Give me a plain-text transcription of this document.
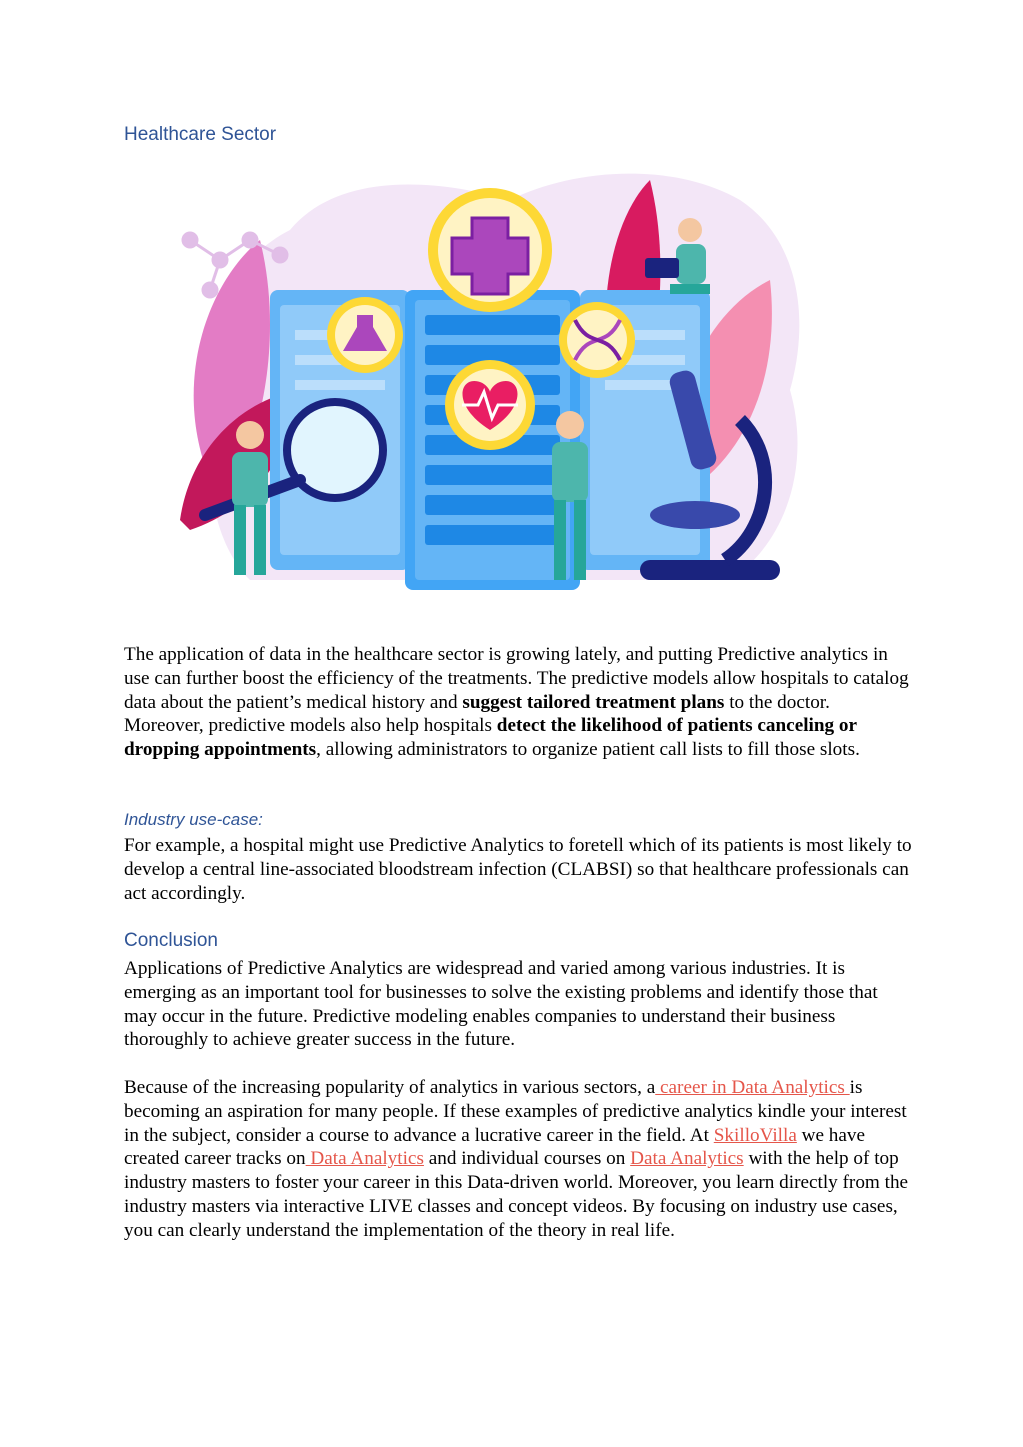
Healthcare Sector

The application of data in the healthcare sector is growing lately, and putting Predictive analytics in use can further boost the efficiency of the treatments. The predictive models allow hospitals to catalog data about the patient’s medical history and suggest tailored treatment plans to the doctor. Moreover, predictive models also help hospitals detect the likelihood of patients canceling or dropping appointments, allowing administrators to organize patient call lists to fill those slots.

Industry use-case:

For example, a hospital might use Predictive Analytics to foretell which of its patients is most likely to develop a central line-associated bloodstream infection (CLABSI) so that healthcare professionals can act accordingly.

Conclusion

Applications of Predictive Analytics are widespread and varied among various industries. It is emerging as an important tool for businesses to solve the existing problems and identify those that may occur in the future. Predictive modeling enables companies to understand their business thoroughly to achieve greater success in the future.

Because of the increasing popularity of analytics in various sectors, a career in Data Analytics is becoming an aspiration for many people. If these examples of predictive analytics kindle your interest in the subject, consider a course to advance a lucrative career in the field. At SkilloVilla we have created career tracks on Data Analytics and individual courses on Data Analytics with the help of top industry masters to foster your career in this Data-driven world. Moreover, you learn directly from the industry masters via interactive LIVE classes and concept videos. By focusing on industry use cases, you can clearly understand the implementation of the theory in real life.
